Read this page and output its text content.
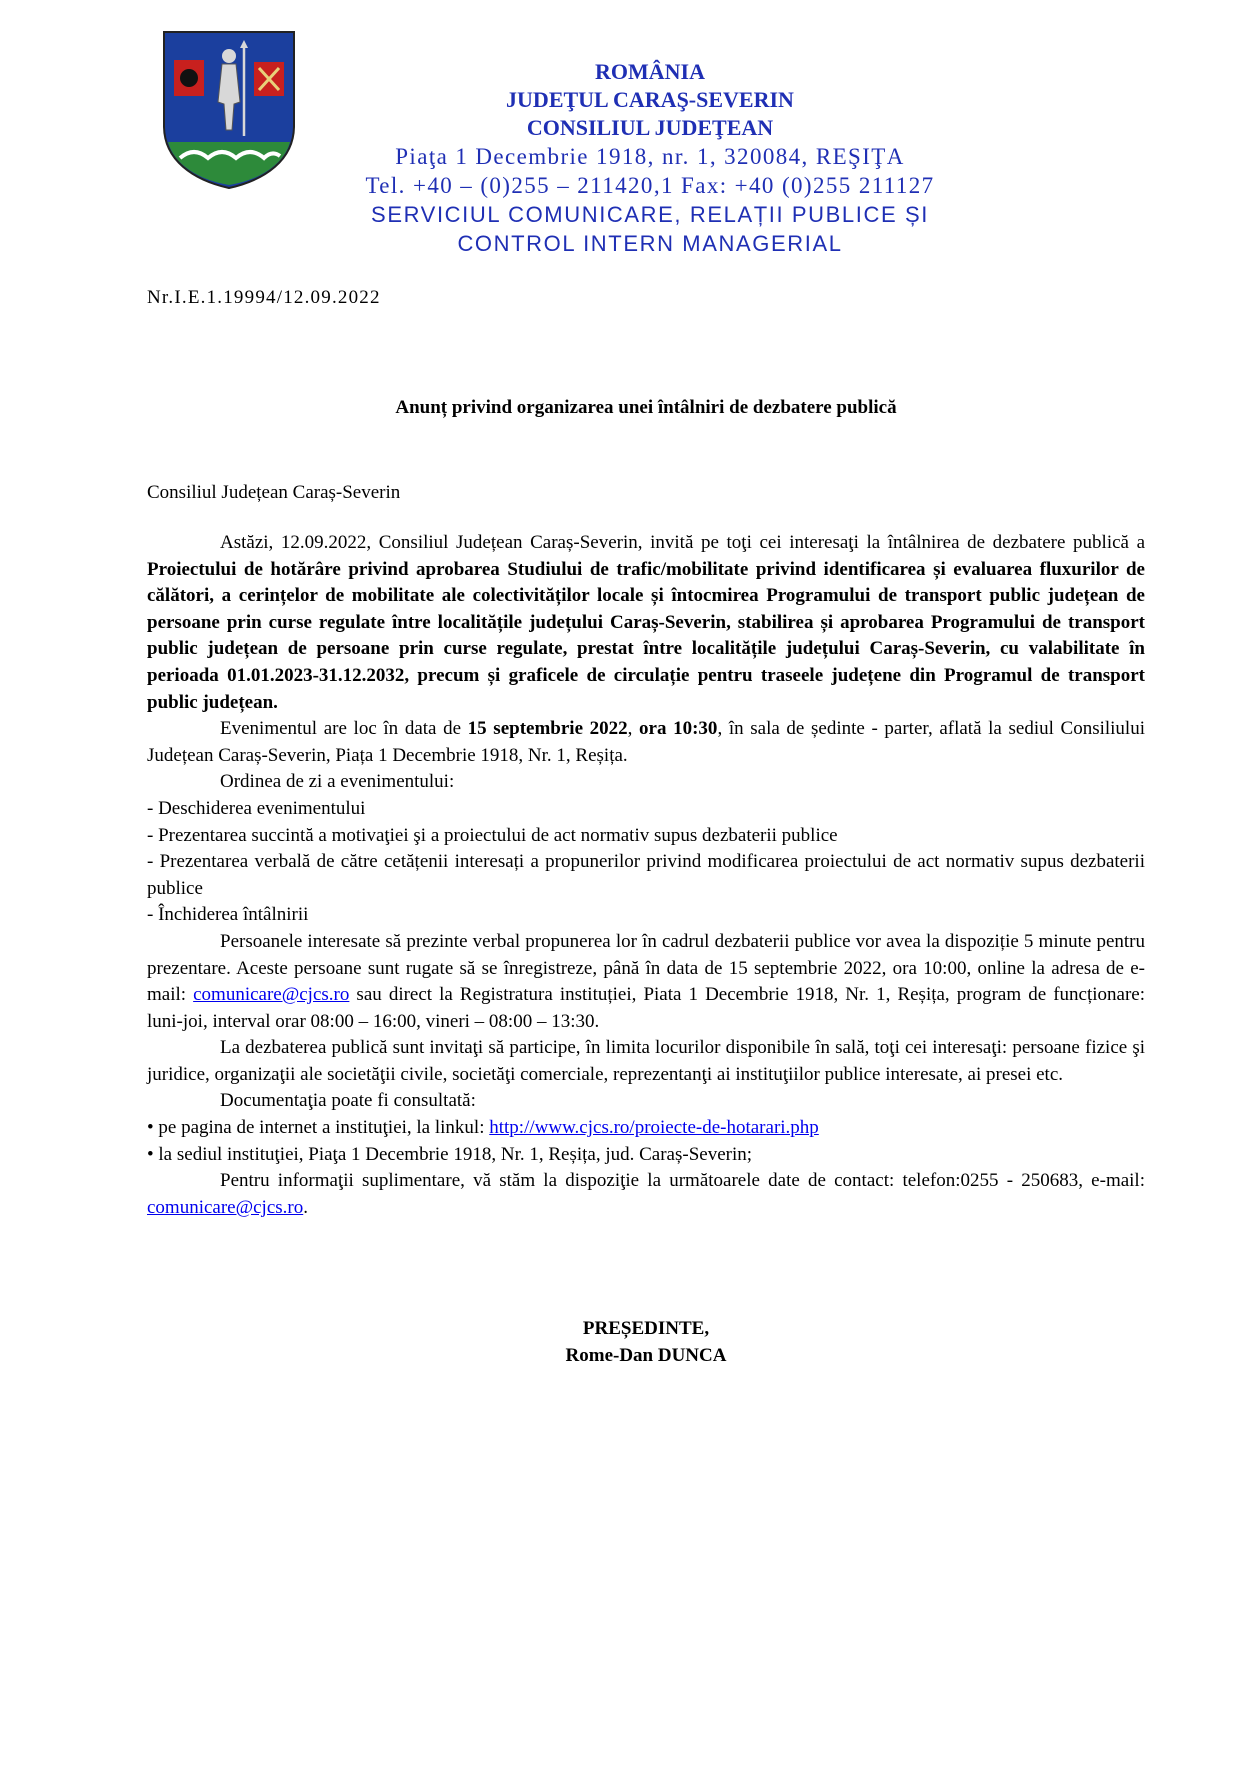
ROMÂNIA
JUDEŢUL CARAŞ-SEVERIN
CONSILIUL JUDEŢEAN
Piaţa 1 Decembrie 1918, nr. 1, 320084, REŞIŢA
Tel. +40 – (0)255 – 211420,1 Fax: +40 (0)255 211127
SERVICIUL COMUNICARE, RELAȚII PUBLICE ȘI
CONTROL INTERN MANAGERIAL
Nr.I.E.1.19994/12.09.2022
Anunț privind organizarea unei întâlniri de dezbatere publică
Consiliul Județean Caraș-Severin

Astăzi, 12.09.2022, Consiliul Județean Caraș-Severin, invită pe toţi cei interesaţi la întâlnirea de dezbatere publică a Proiectului de hotărâre privind aprobarea Studiului de trafic/mobilitate privind identificarea și evaluarea fluxurilor de călători, a cerințelor de mobilitate ale colectivităților locale și întocmirea Programului de transport public județean de persoane prin curse regulate între localitățile județului Caraș-Severin, stabilirea și aprobarea Programului de transport public județean de persoane prin curse regulate, prestat între localitățile județului Caraș-Severin, cu valabilitate în perioada 01.01.2023-31.12.2032, precum și graficele de circulație pentru traseele județene din Programul de transport public județean.

Evenimentul are loc în data de 15 septembrie 2022, ora 10:30, în sala de ședinte - parter, aflată la sediul Consiliului Județean Caraș-Severin, Piața 1 Decembrie 1918, Nr. 1, Reșița.

Ordinea de zi a evenimentului:

- Deschiderea evenimentului

- Prezentarea succintă a motivaţiei şi a proiectului de act normativ supus dezbaterii publice

- Prezentarea verbală de către cetățenii interesați a propunerilor privind modificarea proiectului de act normativ supus dezbaterii publice

- Închiderea întâlnirii

Persoanele interesate să prezinte verbal propunerea lor în cadrul dezbaterii publice vor avea la dispoziție 5 minute pentru prezentare. Aceste persoane sunt rugate să se înregistreze, până în data de 15 septembrie 2022, ora 10:00, online la adresa de e-mail: comunicare@cjcs.ro sau direct la Registratura instituției, Piata 1 Decembrie 1918, Nr. 1, Reșița, program de funcționare: luni-joi, interval orar 08:00 – 16:00, vineri – 08:00 – 13:30.

La dezbaterea publică sunt invitaţi să participe, în limita locurilor disponibile în sală, toţi cei interesaţi: persoane fizice şi juridice, organizaţii ale societăţii civile, societăţi comerciale, reprezentanţi ai instituţiilor publice interesate, ai presei etc.

Documentaţia poate fi consultată:

• pe pagina de internet a instituţiei, la linkul: http://www.cjcs.ro/proiecte-de-hotarari.php

• la sediul instituţiei, Piaţa 1 Decembrie 1918, Nr. 1, Reșița, jud. Caraș-Severin;

Pentru informaţii suplimentare, vă stăm la dispoziţie la următoarele date de contact: telefon:0255 - 250683, e-mail: comunicare@cjcs.ro.

PREȘEDINTE,
Rome-Dan DUNCA
